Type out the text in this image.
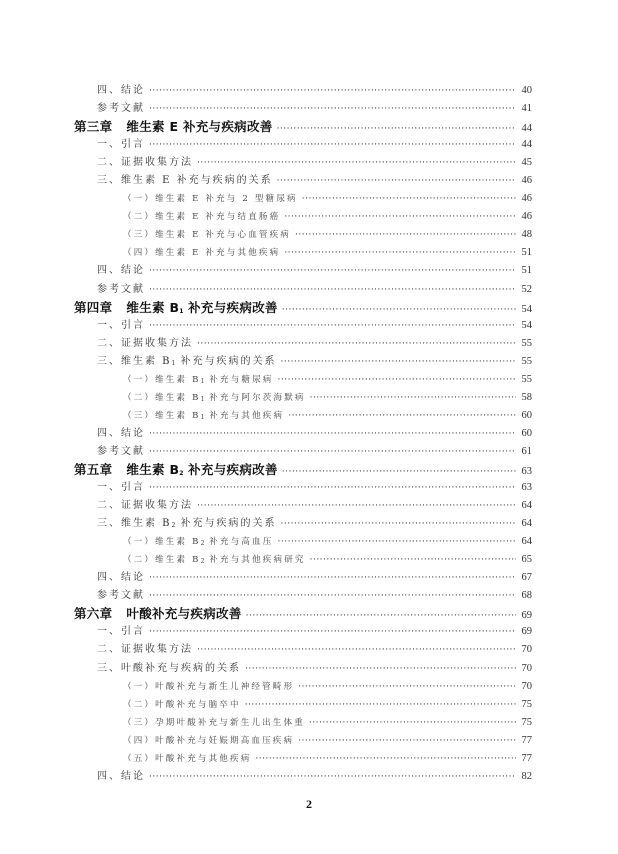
四、结论 ·····	40
参考文献 ·····	41
第三章 维生素 E 补充与疾病改善 ·····	44
一、引言 ·····	44
二、证据收集方法 ·····	45
三、维生素 E 补充与疾病的关系 ·····	46
（一）维生素 E 补充与 2 型糖尿病 ·····	46
（二）维生素 E 补充与结直肠癌 ·····	46
（三）维生素 E 补充与心血管疾病 ·····	48
（四）维生素 E 补充与其他疾病 ·····	51
四、结论 ·····	51
参考文献 ·····	52
第四章 维生素 $B_1$ 补充与疾病改善 ·····	54
一、引言 ·····	54
二、证据收集方法 ·····	55
三、维生素 $B_1$ 补充与疾病的关系 ·····	55
（一）维生素 $B_1$ 补充与糖尿病 ·····	55
（二）维生素 $B_1$ 补充与阿尔茨海默病 ·····	58
（三）维生素 $B_1$ 补充与其他疾病 ·····	60
四、结论 ·····	60
参考文献 ·····	61
第五章 维生素 $B_2$ 补充与疾病改善 ·····	63
一、引言 ·····	63
二、证据收集方法 ·····	64
三、维生素 $B_2$ 补充与疾病的关系 ·····	64
（一）维生素 $B_2$ 补充与高血压 ·····	64
（二）维生素 $B_2$ 补充与其他疾病研究 ·····	65
四、结论 ·····	67
参考文献 ·····	68
第六章 叶酸补充与疾病改善 ·····	69
一、引言 ·····	69
二、证据收集方法 ·····	70
三、叶酸补充与疾病的关系 ·····	70
（一）叶酸补充与新生儿神经管畸形 ·····	70
（二）叶酸补充与脑卒中 ·····	75
（三）孕期叶酸补充与新生儿出生体重 ·····	75
（四）叶酸补充与妊娠期高血压疾病 ·····	77
（五）叶酸补充与其他疾病 ·····	77
四、结论 ·····	82
2
